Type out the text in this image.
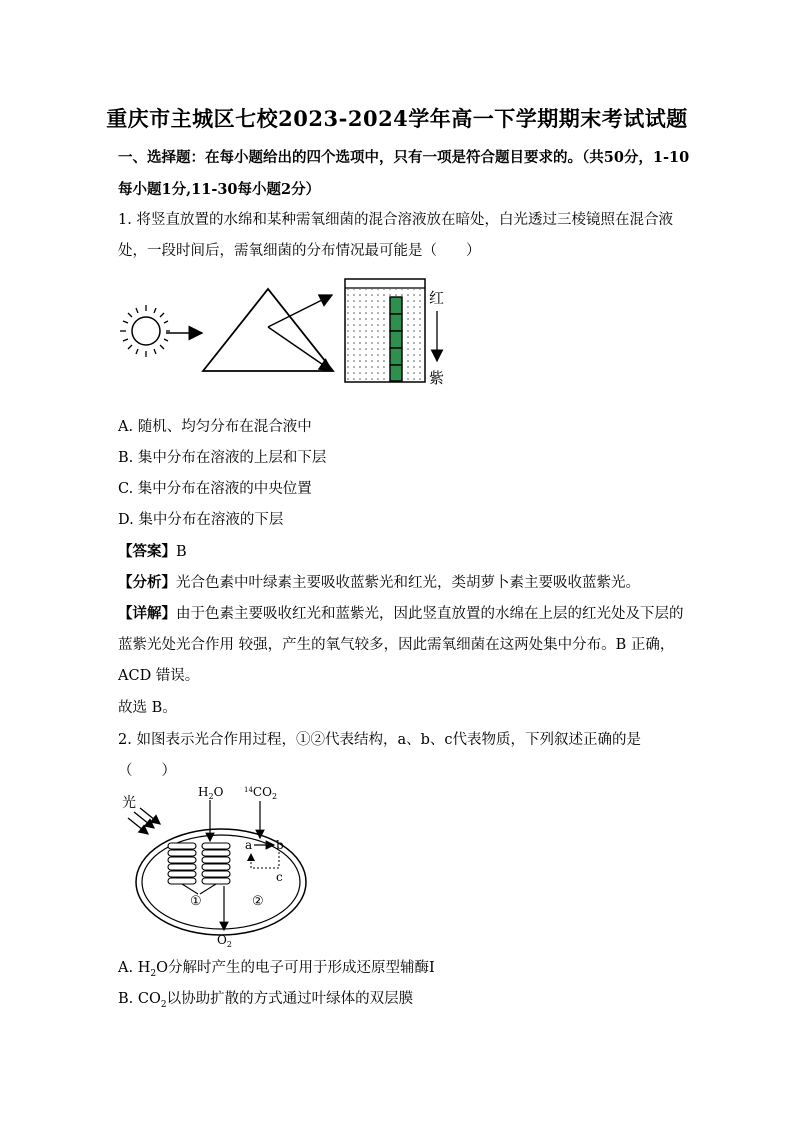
重庆市主城区七校2023-2024学年高一下学期期末考试试题
一、选择题：在每小题给出的四个选项中，只有一项是符合题目要求的。（共50分，1-10
每小题1分,11-30每小题2分）
1. 将竖直放置的水绵和某种需氧细菌的混合溶液放在暗处，白光透过三棱镜照在混合液
处，一段时间后，需氧细菌的分布情况最可能是（　　）
红
紫
A. 随机、均匀分布在混合液中
B. 集中分布在溶液的上层和下层
C. 集中分布在溶液的中央位置
D. 集中分布在溶液的下层
【答案】B
【分析】光合色素中叶绿素主要吸收蓝紫光和红光，类胡萝卜素主要吸收蓝紫光。
【详解】由于色素主要吸收红光和蓝紫光，因此竖直放置的水绵在上层的红光处及下层的
蓝紫光处光合作用 较强，产生的氧气较多，因此需氧细菌在这两处集中分布。B 正确，
ACD 错误。
故选 B。
2. 如图表示光合作用过程，①②代表结构，a、b、c代表物质，下列叙述正确的是
（　　）
光
①	②
$H_2O$
$O_2$
$^{14}CO_2$
a b
c
A. $H_2O$分解时产生的电子可用于形成还原型辅酶Ⅰ
B. $CO_2$以协助扩散的方式通过叶绿体的双层膜
